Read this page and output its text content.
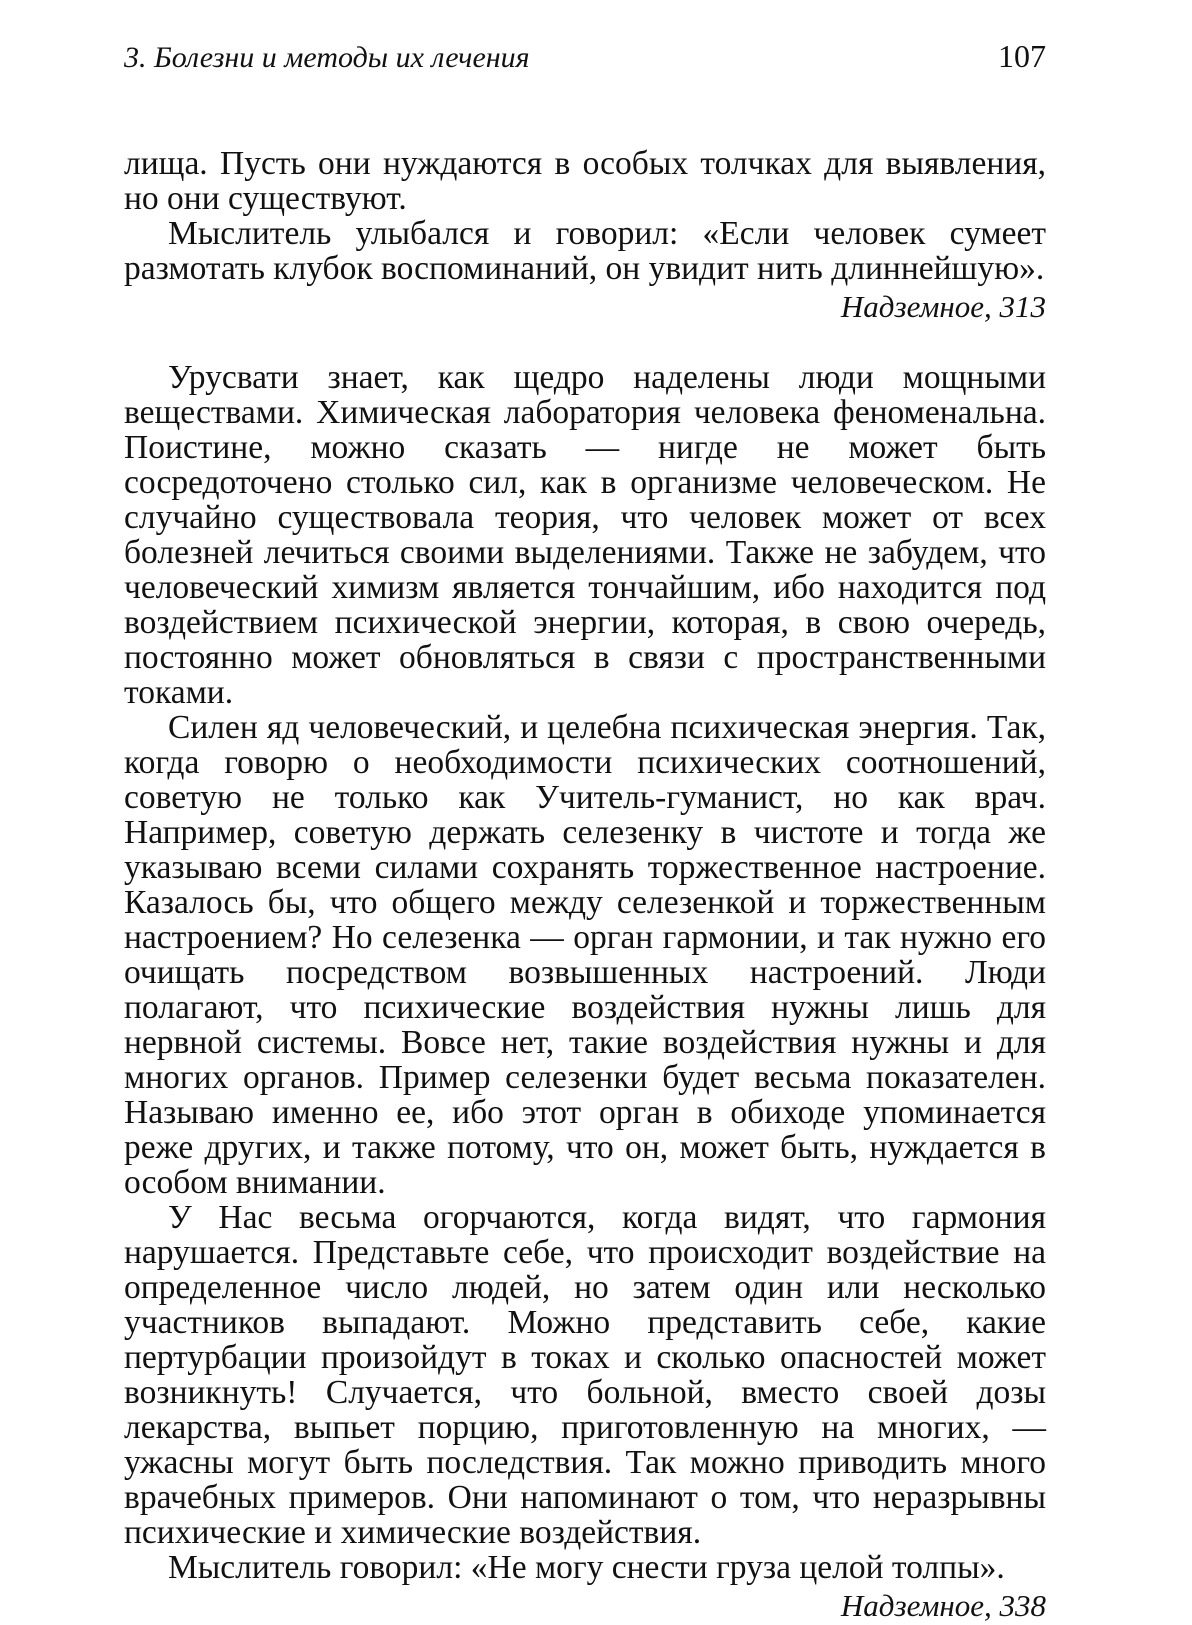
3. Болезни и методы их лечения	107

лища. Пусть они нуждаются в особых толчках для выявления, но они существуют.

Мыслитель улыбался и говорил: «Если человек сумеет размотать клубок воспоминаний, он увидит нить длиннейшую».

Надземное, 313

Урусвати знает, как щедро наделены люди мощными веществами. Химическая лаборатория человека феноменальна. Поистине, можно сказать — нигде не может быть сосредоточено столько сил, как в организме человеческом. Не случайно существовала теория, что человек может от всех болезней лечиться своими выделениями. Также не забудем, что человеческий химизм является тончайшим, ибо находится под воздействием психической энергии, которая, в свою очередь, постоянно может обновляться в связи с пространственными токами.

Силен яд человеческий, и целебна психическая энергия. Так, когда говорю о необходимости психических соотношений, советую не только как Учитель-гуманист, но как врач. Например, советую держать селезенку в чистоте и тогда же указываю всеми силами сохранять торжественное настроение. Казалось бы, что общего между селезенкой и торжественным настроением? Но селезенка — орган гармонии, и так нужно его очищать посредством возвышенных настроений. Люди полагают, что психические воздействия нужны лишь для нервной системы. Вовсе нет, такие воздействия нужны и для многих органов. Пример селезенки будет весьма показателен. Называю именно ее, ибо этот орган в обиходе упоминается реже других, и также потому, что он, может быть, нуждается в особом внимании.

У Нас весьма огорчаются, когда видят, что гармония нарушается. Представьте себе, что происходит воздействие на определенное число людей, но затем один или несколько участников выпадают. Можно представить себе, какие пертурбации произойдут в токах и сколько опасностей может возникнуть! Случается, что больной, вместо своей дозы лекарства, выпьет порцию, приготовленную на многих, — ужасны могут быть последствия. Так можно приводить много врачебных примеров. Они напоминают о том, что неразрывны психические и химические воздействия.

Мыслитель говорил: «Не могу снести груза целой толпы».

Надземное, 338
